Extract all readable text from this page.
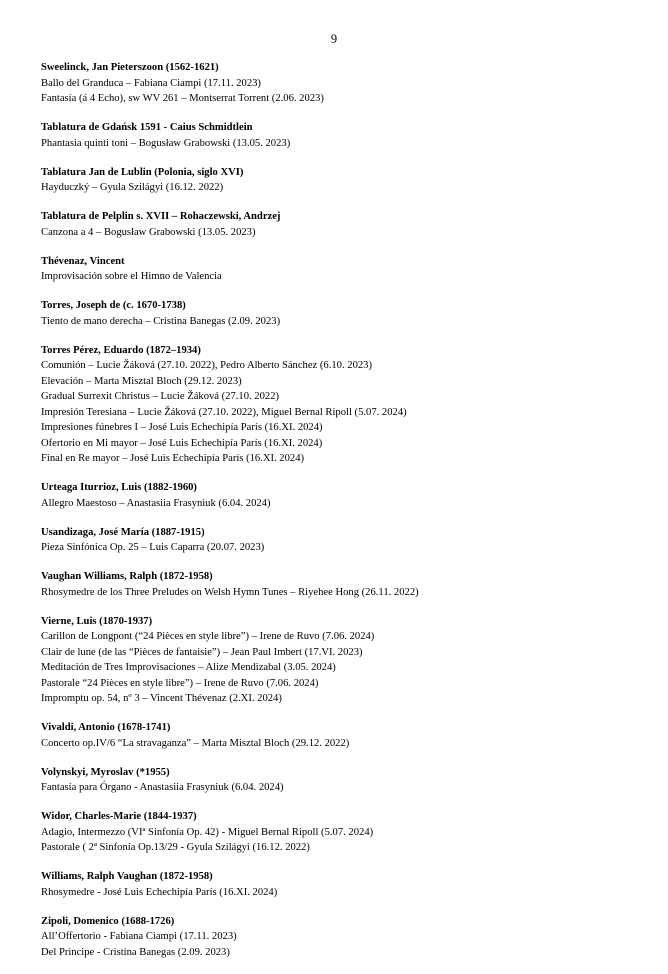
9
Sweelinck, Jan Pieterszoon (1562-1621)
Ballo del Granduca – Fabiana Ciampi (17.11. 2023)
Fantasía (á 4 Echo), sw WV 261 – Montserrat Torrent (2.06. 2023)
Tablatura de Gdańsk 1591 - Caius Schmidtlein
Phantasia quinti toni – Bogusław Grabowski (13.05. 2023)
Tablatura Jan de Lublin (Polonia, siglo XVI)
Hayduczký – Gyula Szilágyi (16.12. 2022)
Tablatura de Pelplin s. XVII – Rohaczewski, Andrzej
Canzona a 4 – Bogusław Grabowski (13.05. 2023)
Thévenaz, Vincent
Improvisación sobre el Himno de Valencia
Torres, Joseph de (c. 1670-1738)
Tiento de mano derecha – Cristina Banegas (2.09. 2023)
Torres Pérez, Eduardo (1872–1934)
Comunión – Lucie Žáková (27.10. 2022), Pedro Alberto Sánchez (6.10. 2023)
Elevación – Marta Misztal Bloch (29.12. 2023)
Gradual Surrexit Christus – Lucie Žáková (27.10. 2022)
Impresión Teresiana – Lucie Žáková (27.10. 2022), Miguel Bernal Ripoll (5.07. 2024)
Impresiones fúnebres I – José Luis Echechipía París (16.XI. 2024)
Ofertorio en Mi mayor – José Luis Echechipía París (16.XI. 2024)
Final en Re mayor – José Luis Echechipía París (16.XI. 2024)
Urteaga Iturrioz, Luis (1882-1960)
Allegro Maestoso – Anastasiia Frasyniuk (6.04. 2024)
Usandizaga, José María (1887-1915)
Pieza Sinfónica Op. 25 – Luis Caparra (20.07. 2023)
Vaughan Williams, Ralph (1872-1958)
Rhosymedre de los Three Preludes on Welsh Hymn Tunes – Riyehee Hong (26.11. 2022)
Vierne, Luis (1870-1937)
Carillon de Longpont (“24 Pièces en style libre”) – Irene de Ruvo (7.06. 2024)
Clair de lune (de las “Pièces de fantaisie”) – Jean Paul Imbert (17.VI. 2023)
Meditación de Tres Improvisaciones – Alize Mendizabal (3.05. 2024)
Pastorale “24 Pièces en style libre”) – Irene de Ruvo (7.06. 2024)
Impromptu op. 54, nº 3 – Vincent Thévenaz (2.XI. 2024)
Vivaldi, Antonio (1678-1741)
Concerto op.IV/6 “La stravaganza” – Marta Misztal Bloch (29.12. 2022)
Volynskyi, Myroslav (*1955)
Fantasía para Órgano - Anastasiia Frasyniuk (6.04. 2024)
Widor, Charles-Marie (1844-1937)
Adagio, Intermezzo (VIª Sinfonía Op. 42) - Miguel Bernal Ripoll (5.07. 2024)
Pastorale ( 2ª Sinfonía Op.13/29 - Gyula Szilágyi (16.12. 2022)
Williams, Ralph Vaughan (1872-1958)
Rhosymedre - José Luis Echechipía París (16.XI. 2024)
Zipoli, Domenico (1688-1726)
All’Offertorio - Fabiana Ciampi (17.11. 2023)
Del Principe - Cristina Banegas (2.09. 2023)
